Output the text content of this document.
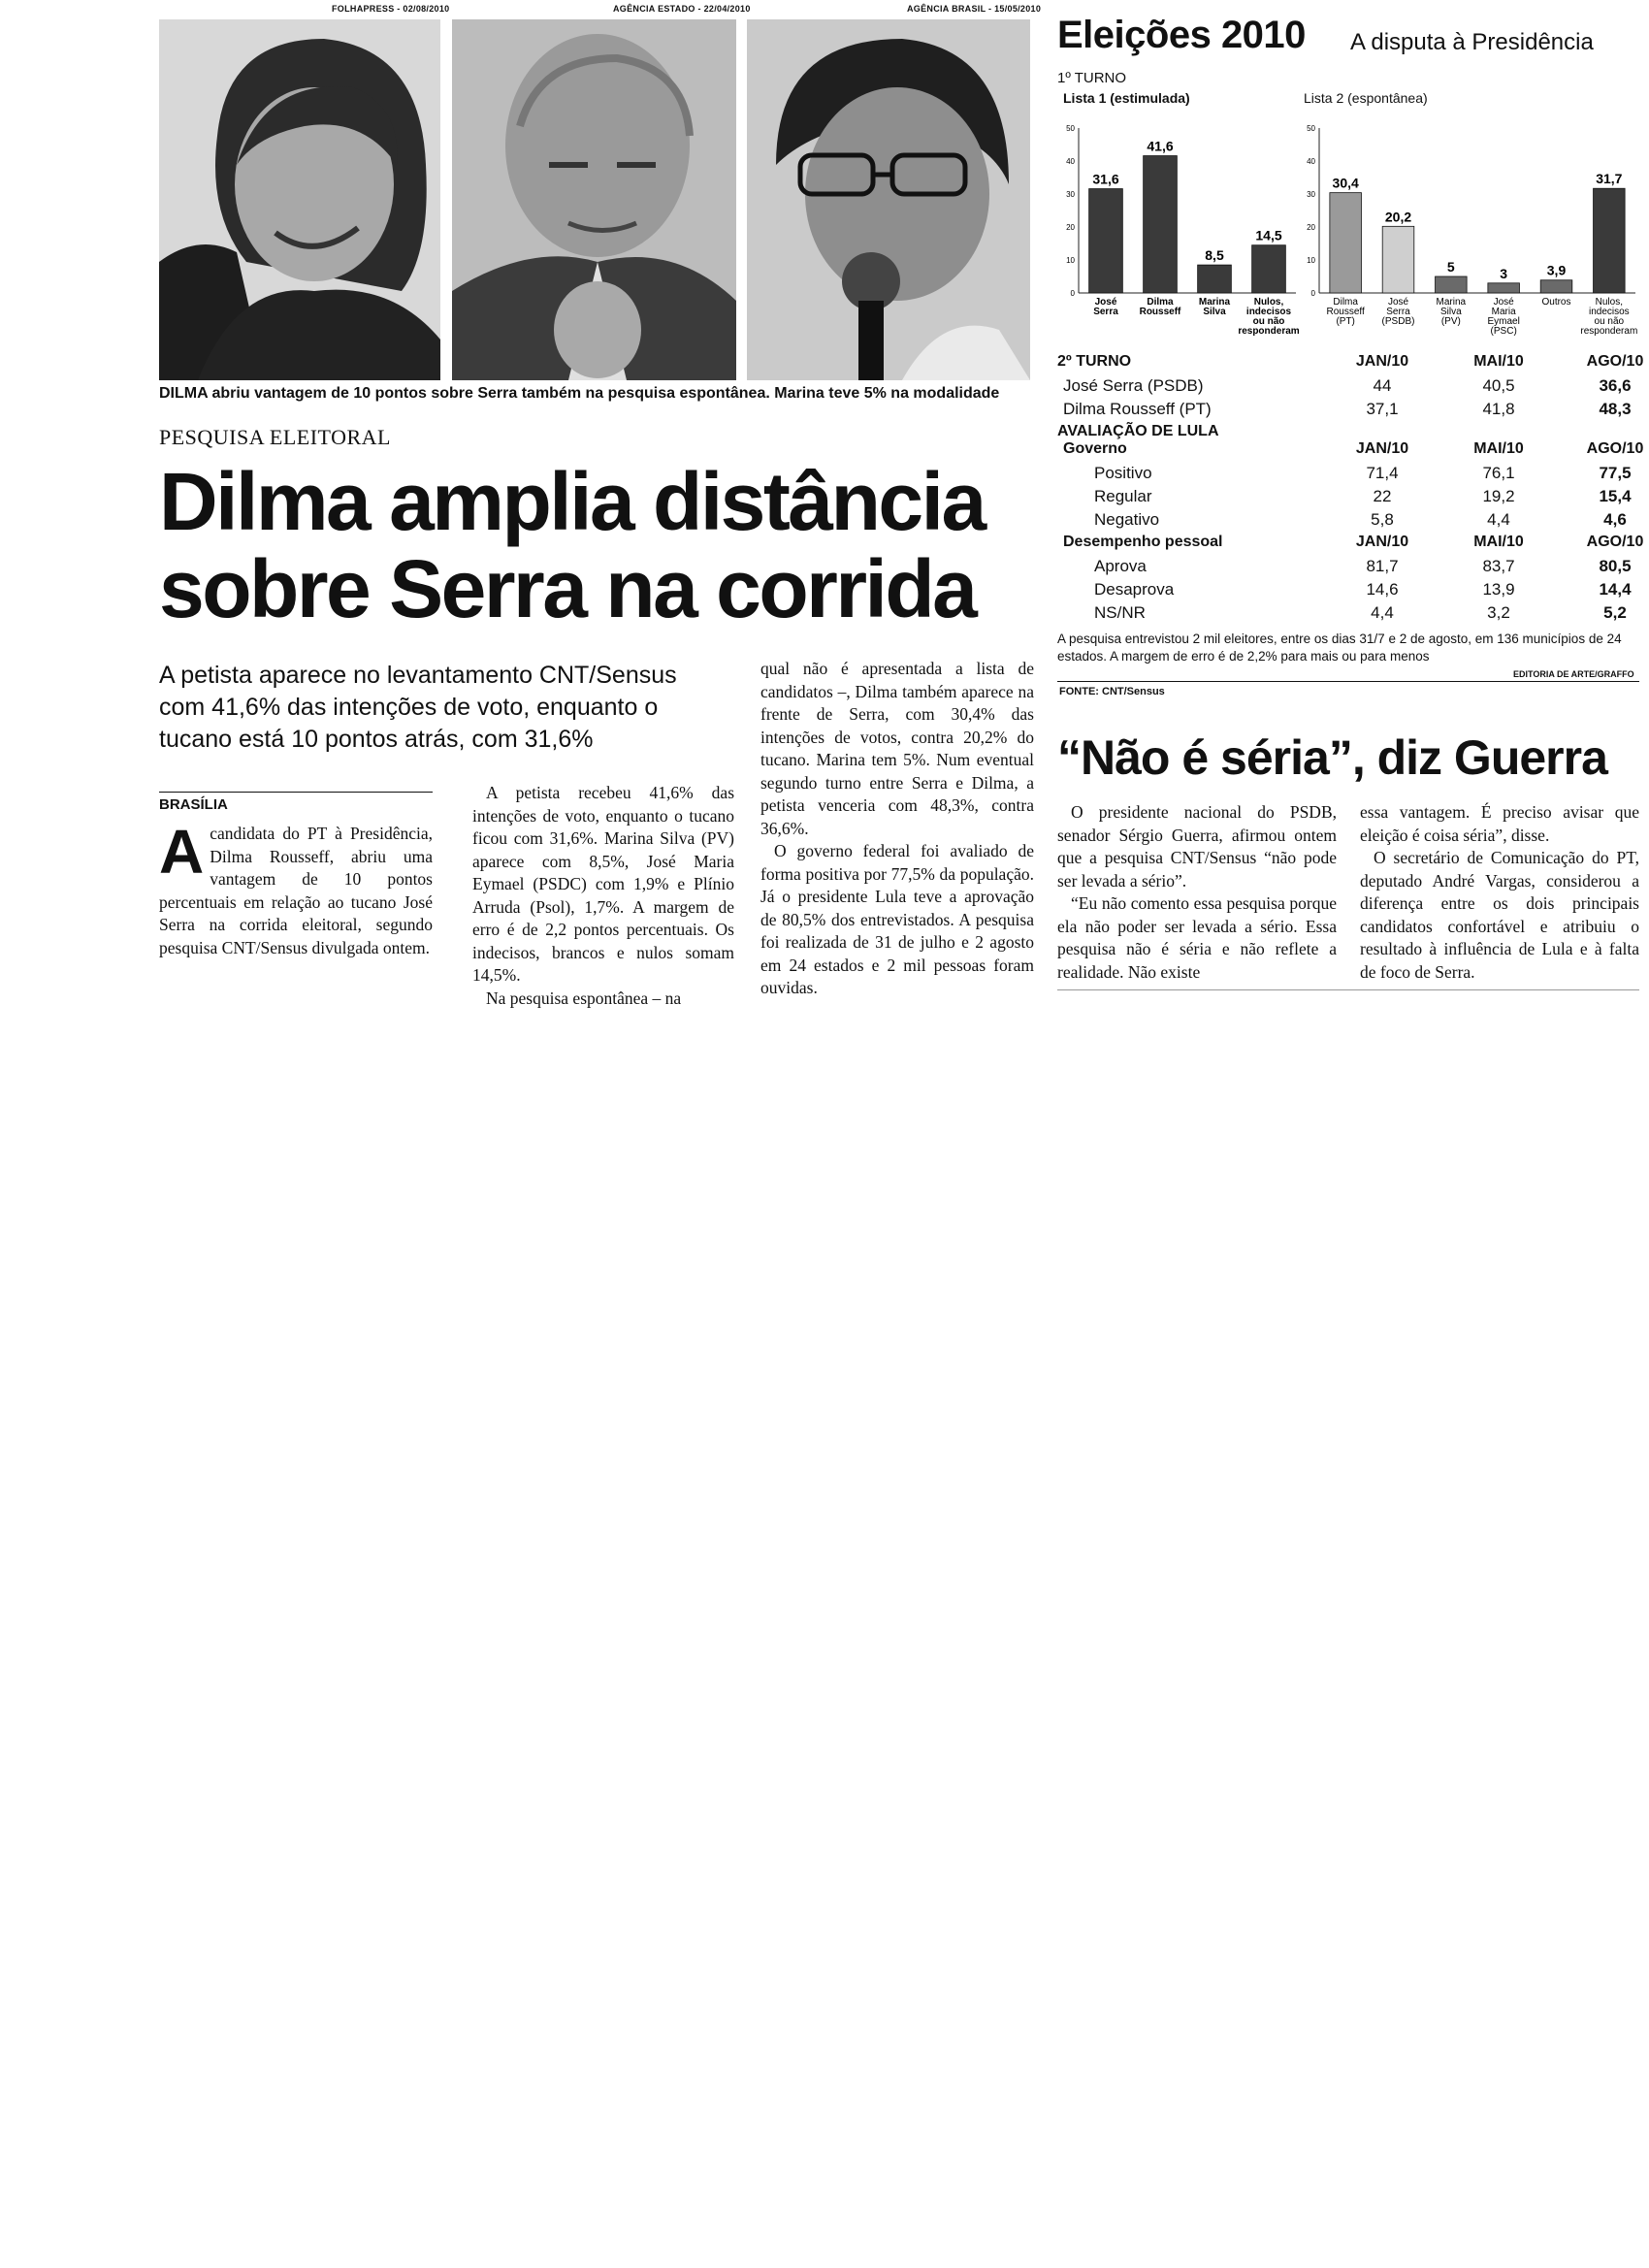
FOLHAPRESS - 02/08/2010	AGÊNCIA ESTADO - 22/04/2010	AGÊNCIA BRASIL - 15/05/2010
DILMA abriu vantagem de 10 pontos sobre Serra também na pesquisa espontânea. Marina teve 5% na modalidade
PESQUISA ELEITORAL
Dilma amplia distância
sobre Serra na corrida
A petista aparece no levantamento CNT/Sensus com 41,6% das intenções de voto, enquanto o tucano está 10 pontos atrás, com 31,6%
BRASÍLIA
A candidata do PT à Presidência, Dilma Rousseff, abriu uma vantagem de 10 pontos percentuais em relação ao tucano José Serra na corrida eleitoral, segundo pesquisa CNT/Sensus divulgada ontem.
A petista recebeu 41,6% das intenções de voto, enquanto o tucano ficou com 31,6%. Marina Silva (PV) aparece com 8,5%, José Maria Eymael (PSDC) com 1,9% e Plínio Arruda (Psol), 1,7%. A margem de erro é de 2,2 pontos percentuais. Os indecisos, brancos e nulos somam 14,5%.
Na pesquisa espontânea – na
qual não é apresentada a lista de candidatos –, Dilma também aparece na frente de Serra, com 30,4% das intenções de votos, contra 20,2% do tucano. Marina tem 5%. Num eventual segundo turno entre Serra e Dilma, a petista venceria com 48,3%, contra 36,6%.
O governo federal foi avaliado de forma positiva por 77,5% da população. Já o presidente Lula teve a aprovação de 80,5% dos entrevistados. A pesquisa foi realizada de 31 de julho e 2 agosto em 24 estados e 2 mil pessoas foram ouvidas.
Eleições 2010 A disputa à Presidência
1º TURNO
Lista 1 (estimulada)	Lista 2 (espontânea)
0
10
20
30
40
50
31,6
José
Serra
41,6
Dilma
Rousseff
8,5
Marina
Silva
14,5
Nulos,
indecisos
ou não
responderam
0
10
20
30
40
50
30,4
Dilma
Rousseff
(PT)
20,2
José
Serra
(PSDB)
5
Marina
Silva
(PV)
3
José
Maria
Eymael
(PSC)
3,9
Outros
31,7
Nulos,
indecisos
ou não
responderam
2º TURNO	JAN/10	MAI/10	AGO/10
José Serra (PSDB)	44	40,5	36,6
Dilma Rousseff (PT)	37,1	41,8	48,3
AVALIAÇÃO DE LULA
Governo	JAN/10	MAI/10	AGO/10
Positivo	71,4	76,1	77,5
Regular	22	19,2	15,4
Negativo	5,8	4,4	4,6
Desempenho pessoal	JAN/10	MAI/10	AGO/10
Aprova	81,7	83,7	80,5
Desaprova	14,6	13,9	14,4
NS/NR	4,4	3,2	5,2
A pesquisa entrevistou 2 mil eleitores, entre os dias 31/7 e 2 de agosto, em 136 municípios de 24 estados. A margem de erro é de 2,2% para mais ou para menos
EDITORIA DE ARTE/GRAFFO
FONTE: CNT/Sensus
“Não é séria”, diz Guerra
O presidente nacional do PSDB, senador Sérgio Guerra, afirmou ontem que a pesquisa CNT/Sensus “não pode ser levada a sério”.
“Eu não comento essa pesquisa porque ela não poder ser levada a sério. Essa pesquisa não é séria e não reflete a realidade. Não existe
essa vantagem. É preciso avisar que eleição é coisa séria”, disse.
O secretário de Comunicação do PT, deputado André Vargas, considerou a diferença entre os dois principais candidatos confortável e atribuiu o resultado à influência de Lula e à falta de foco de Serra.
